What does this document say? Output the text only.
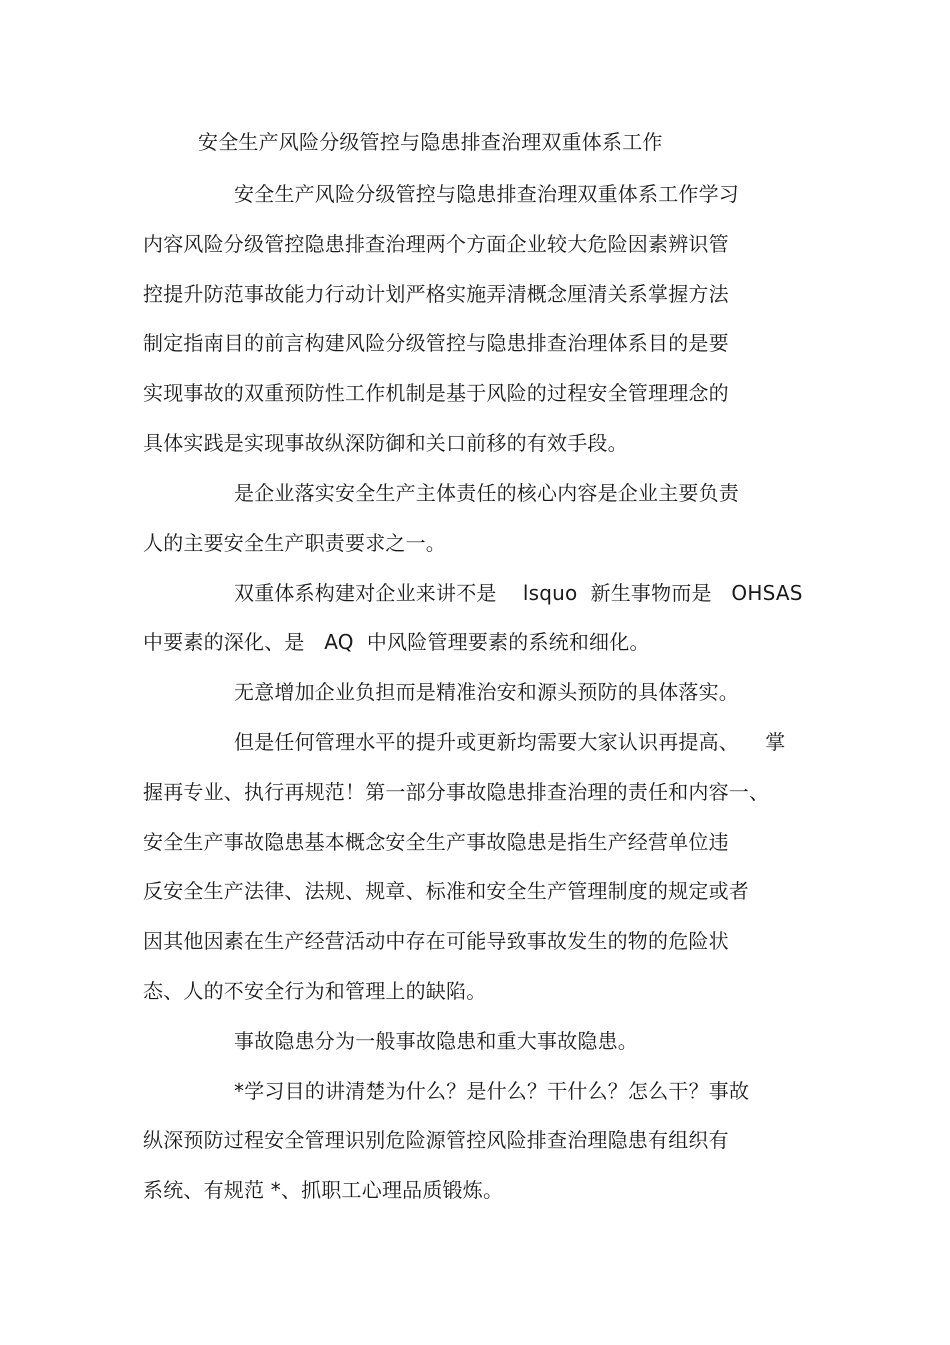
安全生产风险分级管控与隐患排查治理双重体系工作
安全生产风险分级管控与隐患排查治理双重体系工作学习
内容风险分级管控隐患排查治理两个方面企业较大危险因素辨识管
控提升防范事故能力行动计划严格实施弄清概念厘清关系掌握方法
制定指南目的前言构建风险分级管控与隐患排查治理体系目的是要
实现事故的双重预防性工作机制是基于风险的过程安全管理理念的
具体实践是实现事故纵深防御和关口前移的有效手段。
是企业落实安全生产主体责任的核心内容是企业主要负责
人的主要安全生产职责要求之一。
双重体系构建对企业来讲不是    lsquo  新生事物而是   OHSAS
中要素的深化、是   AQ  中风险管理要素的系统和细化。
无意增加企业负担而是精准治安和源头预防的具体落实。
但是任何管理水平的提升或更新均需要大家认识再提高、    掌
握再专业、执行再规范！第一部分事故隐患排查治理的责任和内容一、
安全生产事故隐患基本概念安全生产事故隐患是指生产经营单位违
反安全生产法律、法规、规章、标准和安全生产管理制度的规定或者
因其他因素在生产经营活动中存在可能导致事故发生的物的危险状
态、人的不安全行为和管理上的缺陷。
事故隐患分为一般事故隐患和重大事故隐患。
*学习目的讲清楚为什么？是什么？干什么？怎么干？事故
纵深预防过程安全管理识别危险源管控风险排查治理隐患有组织有
系统、有规范 *、抓职工心理品质锻炼。
